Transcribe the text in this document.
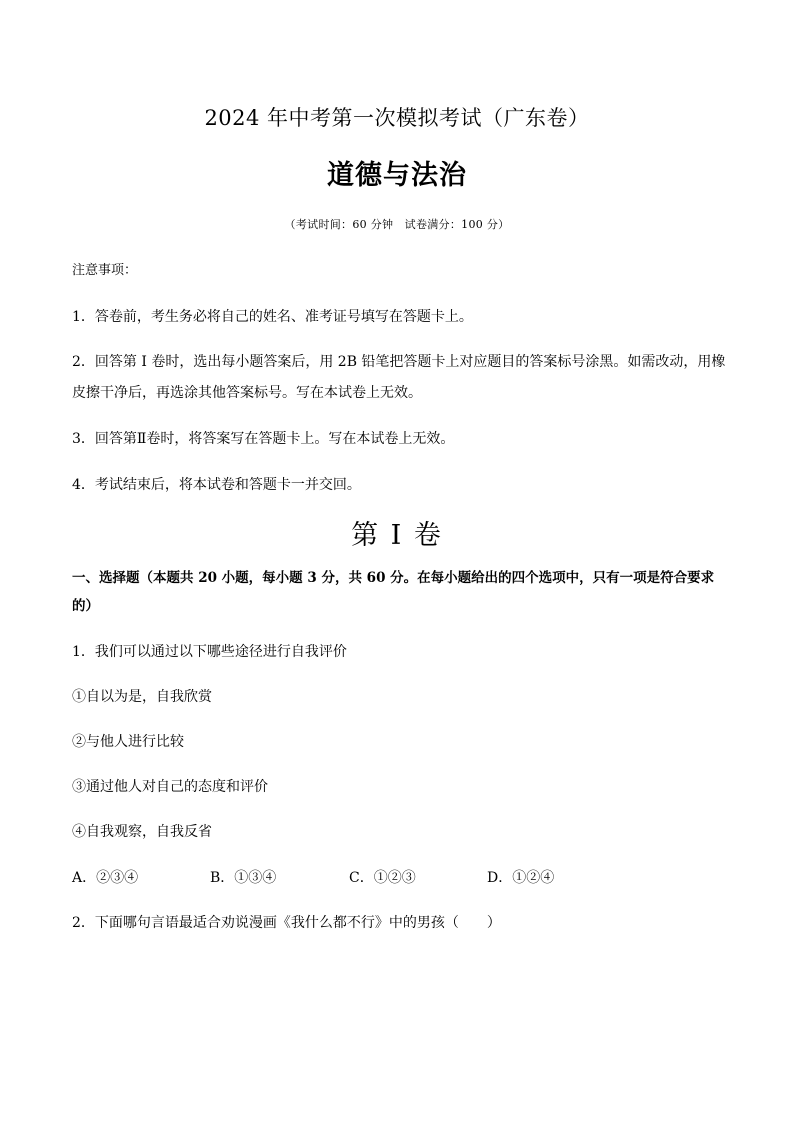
2024 年中考第一次模拟考试（广东卷）
道德与法治
（考试时间：60 分钟　试卷满分：100 分）
注意事项：
1．答卷前，考生务必将自己的姓名、准考证号填写在答题卡上。
2．回答第 I 卷时，选出每小题答案后，用 2B 铅笔把答题卡上对应题目的答案标号涂黑。如需改动，用橡
皮擦干净后，再选涂其他答案标号。写在本试卷上无效。
3．回答第Ⅱ卷时，将答案写在答题卡上。写在本试卷上无效。
4．考试结束后，将本试卷和答题卡一并交回。
第 I 卷
一、选择题（本题共 20 小题，每小题 3 分，共 60 分。在每小题给出的四个选项中，只有一项是符合要求
的）
1．我们可以通过以下哪些途径进行自我评价
①自以为是，自我欣赏
②与他人进行比较
③通过他人对自己的态度和评价
④自我观察，自我反省
A．②③④	B．①③④	C．①②③	D．①②④
2．下面哪句言语最适合劝说漫画《我什么都不行》中的男孩（　　）
